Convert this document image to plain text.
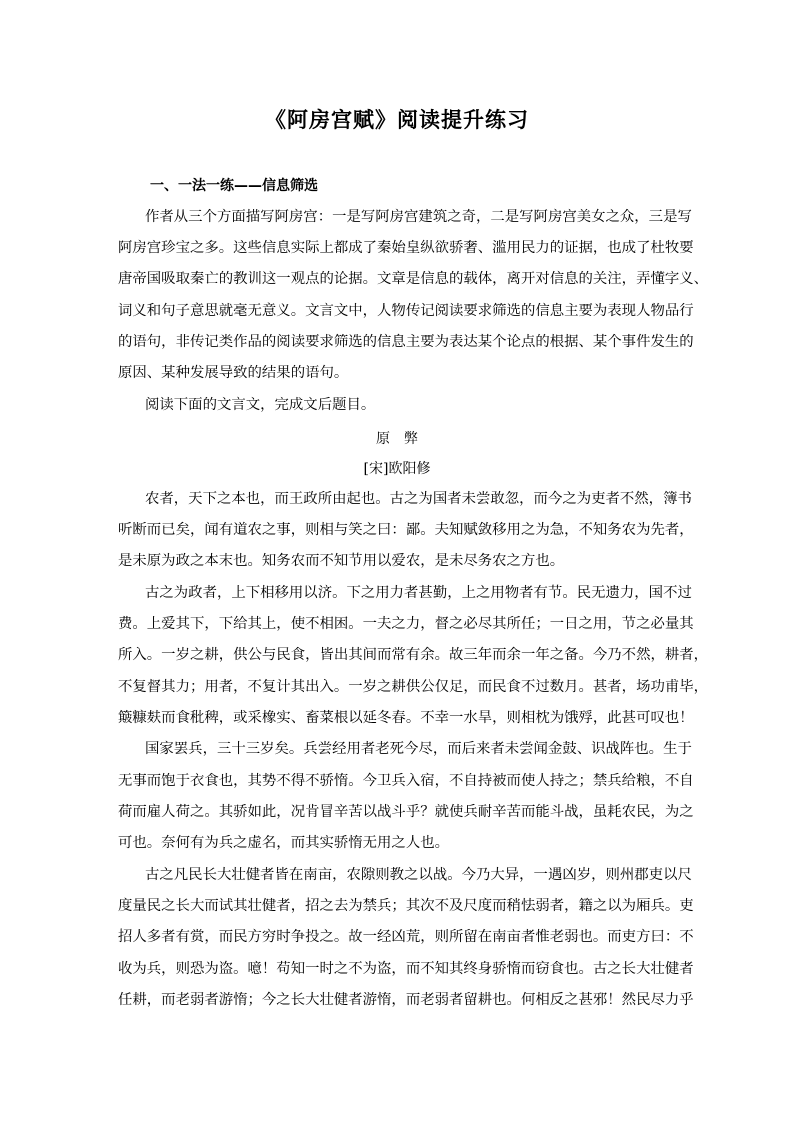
《阿房宫赋》阅读提升练习
一、一法一练——信息筛选
作者从三个方面描写阿房宫：一是写阿房宫建筑之奇，二是写阿房宫美女之众，三是写
阿房宫珍宝之多。这些信息实际上都成了秦始皇纵欲骄奢、滥用民力的证据，也成了杜牧要
唐帝国吸取秦亡的教训这一观点的论据。文章是信息的载体，离开对信息的关注，弄懂字义、
词义和句子意思就毫无意义。文言文中，人物传记阅读要求筛选的信息主要为表现人物品行
的语句，非传记类作品的阅读要求筛选的信息主要为表达某个论点的根据、某个事件发生的
原因、某种发展导致的结果的语句。
阅读下面的文言文，完成文后题目。
原　弊
[宋]欧阳修
农者，天下之本也，而王政所由起也。古之为国者未尝敢忽，而今之为吏者不然，簿书
听断而已矣，闻有道农之事，则相与笑之曰：鄙。夫知赋敛移用之为急，不知务农为先者，
是未原为政之本末也。知务农而不知节用以爱农，是未尽务农之方也。
古之为政者，上下相移用以济。下之用力者甚勤，上之用物者有节。民无遗力，国不过
费。上爱其下，下给其上，使不相困。一夫之力，督之必尽其所任；一日之用，节之必量其
所入。一岁之耕，供公与民食，皆出其间而常有余。故三年而余一年之备。今乃不然，耕者，
不复督其力；用者，不复计其出入。一岁之耕供公仅足，而民食不过数月。甚者，场功甫毕，
簸糠麸而食秕稗，或采橡实、畜菜根以延冬春。不幸一水旱，则相枕为饿殍，此甚可叹也！
国家罢兵，三十三岁矣。兵尝经用者老死今尽，而后来者未尝闻金鼓、识战阵也。生于
无事而饱于衣食也，其势不得不骄惰。今卫兵入宿，不自持被而使人持之；禁兵给粮，不自
荷而雇人荷之。其骄如此，况肯冒辛苦以战斗乎？就使兵耐辛苦而能斗战，虽耗农民，为之
可也。奈何有为兵之虚名，而其实骄惰无用之人也。
古之凡民长大壮健者皆在南亩，农隙则教之以战。今乃大异，一遇凶岁，则州郡吏以尺
度量民之长大而试其壮健者，招之去为禁兵；其次不及尺度而稍怯弱者，籍之以为厢兵。吏
招人多者有赏，而民方穷时争投之。故一经凶荒，则所留在南亩者惟老弱也。而吏方曰：不
收为兵，则恐为盗。噫！苟知一时之不为盗，而不知其终身骄惰而窃食也。古之长大壮健者
任耕，而老弱者游惰；今之长大壮健者游惰，而老弱者留耕也。何相反之甚邪！然民尽力乎
